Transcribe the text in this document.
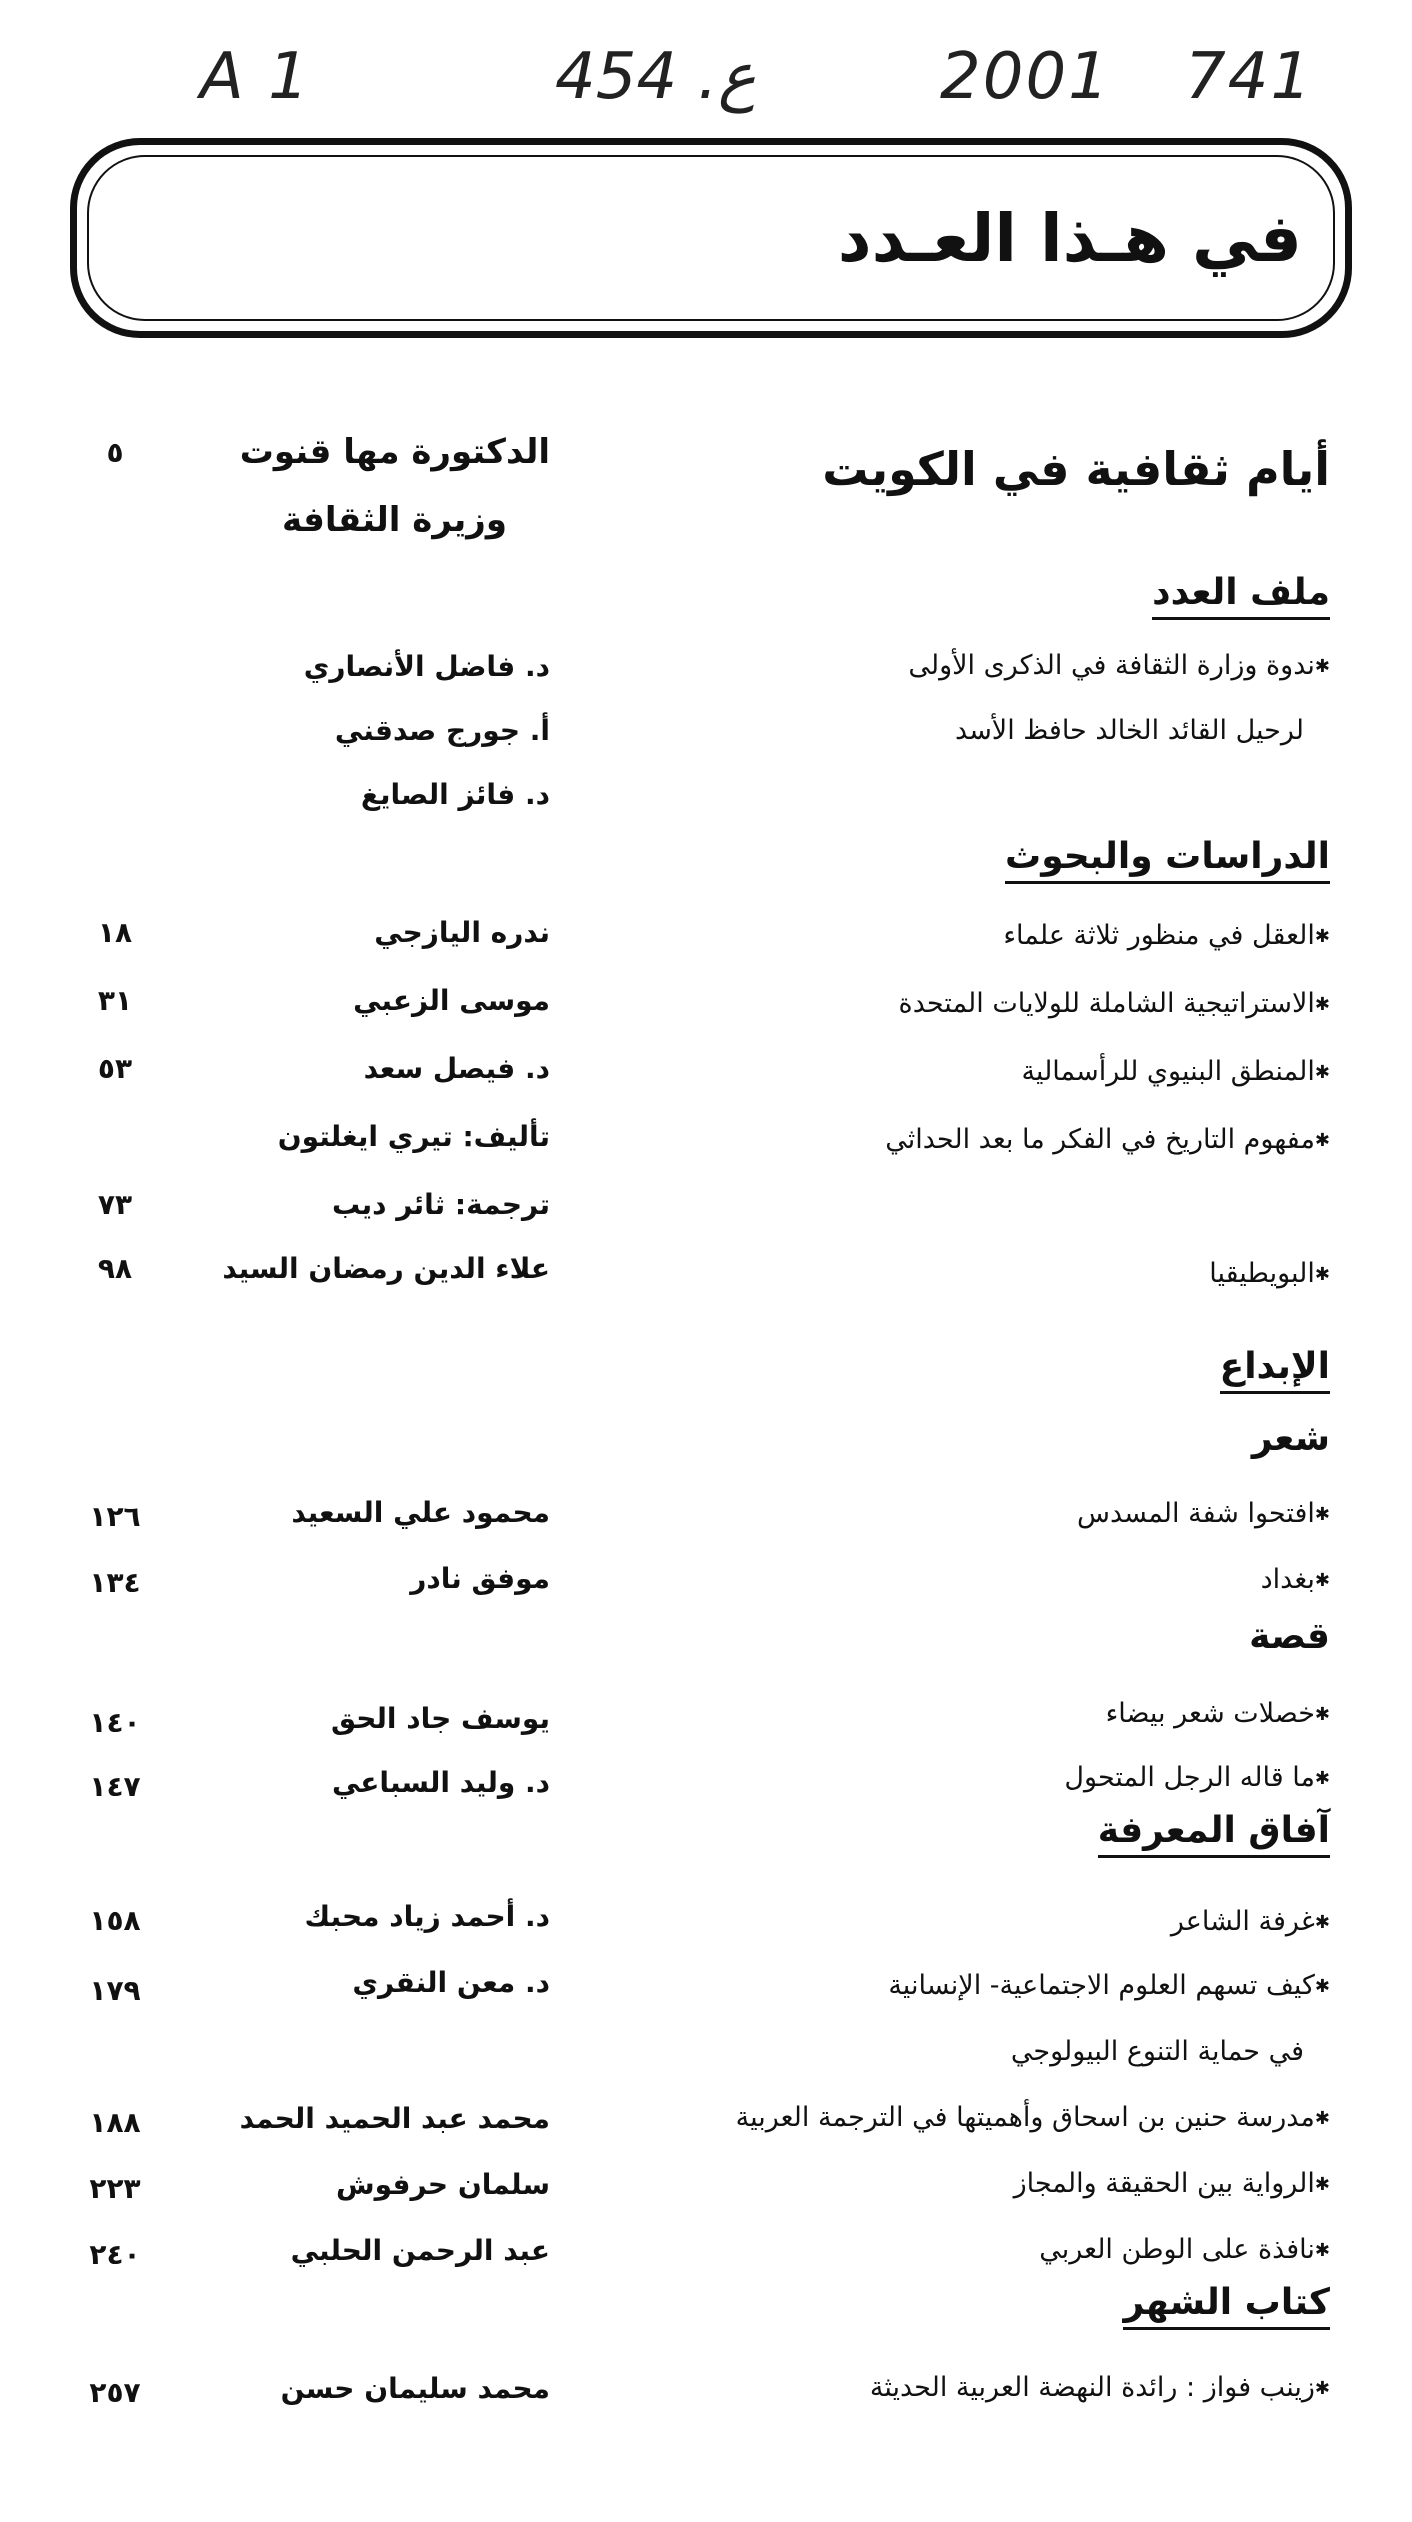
A 1	454 .ع	2001 741
في هـذا العـدد
أيام ثقافية في الكويت
الدكتورة مها قنوت
وزيرة الثقافة
٥
ملف العدد
✱ ندوة وزارة الثقافة في الذكرى الأولى
لرحيل القائد الخالد حافظ الأسد
د. فاضل الأنصاري
أ. جورج صدقني
د. فائز الصايغ
الدراسات والبحوث
✱ العقل في منظور ثلاثة علماء
ندره اليازجي
١٨
✱ الاستراتيجية الشاملة للولايات المتحدة
موسى الزعبي
٣١
✱ المنطق البنيوي للرأسمالية
د. فيصل سعد
٥٣
✱ مفهوم التاريخ في الفكر ما بعد الحداثي
تأليف: تيري ايغلتون
ترجمة: ثائر ديب
٧٣
✱ البويطيقيا
علاء الدين رمضان السيد
٩٨
الإبداع
شعر
✱ افتحوا شفة المسدس
محمود علي السعيد
١٢٦
✱ بغداد
موفق نادر
١٣٤
قصة
✱ خصلات شعر بيضاء
يوسف جاد الحق
١٤٠
✱ ما قاله الرجل المتحول
د. وليد السباعي
١٤٧
آفاق المعرفة
✱ غرفة الشاعر
د. أحمد زياد محبك
١٥٨
✱ كيف تسهم العلوم الاجتماعية- الإنسانية
في حماية التنوع البيولوجي
د. معن النقري
١٧٩
✱ مدرسة حنين بن اسحاق وأهميتها في الترجمة العربية
محمد عبد الحميد الحمد
١٨٨
✱ الرواية بين الحقيقة والمجاز
سلمان حرفوش
٢٢٣
✱ نافذة على الوطن العربي
عبد الرحمن الحلبي
٢٤٠
كتاب الشهر
✱ زينب فواز : رائدة النهضة العربية الحديثة
محمد سليمان حسن
٢٥٧
